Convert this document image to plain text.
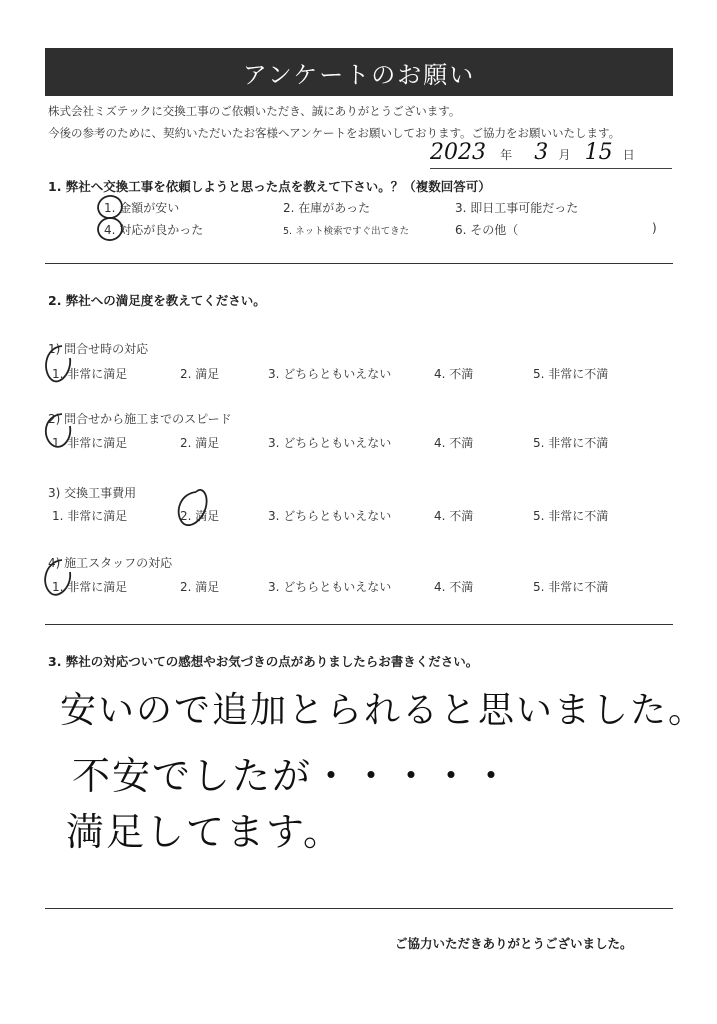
アンケートのお願い
株式会社ミズテックに交換工事のご依頼いただき、誠にありがとうございます。
今後の参考のために、契約いただいたお客様へアンケートをお願いしております。ご協力をお願いいたします。
2023 年 3 月 15 日
1. 弊社へ交換工事を依頼しようと思った点を教えて下さい。？（複数回答可）
1. 金額が安い	2. 在庫があった	3. 即日工事可能だった
4. 対応が良かった	5. ネット検索ですぐ出てきた	6. その他（	)
2. 弊社への満足度を教えてください。
1) 問合せ時の対応
1. 非常に満足	2. 満足	3. どちらともいえない	4. 不満	5. 非常に不満
2) 問合せから施工までのスピード
1. 非常に満足	2. 満足	3. どちらともいえない	4. 不満	5. 非常に不満
3) 交換工事費用
1. 非常に満足	2. 満足	3. どちらともいえない	4. 不満	5. 非常に不満
4) 施工スタッフの対応
1. 非常に満足	2. 満足	3. どちらともいえない	4. 不満	5. 非常に不満
3. 弊社の対応ついての感想やお気づきの点がありましたらお書きください。
安いので追加とられると思いました。
不安でしたが・・・・・
満足してます。
ご協力いただきありがとうございました。
